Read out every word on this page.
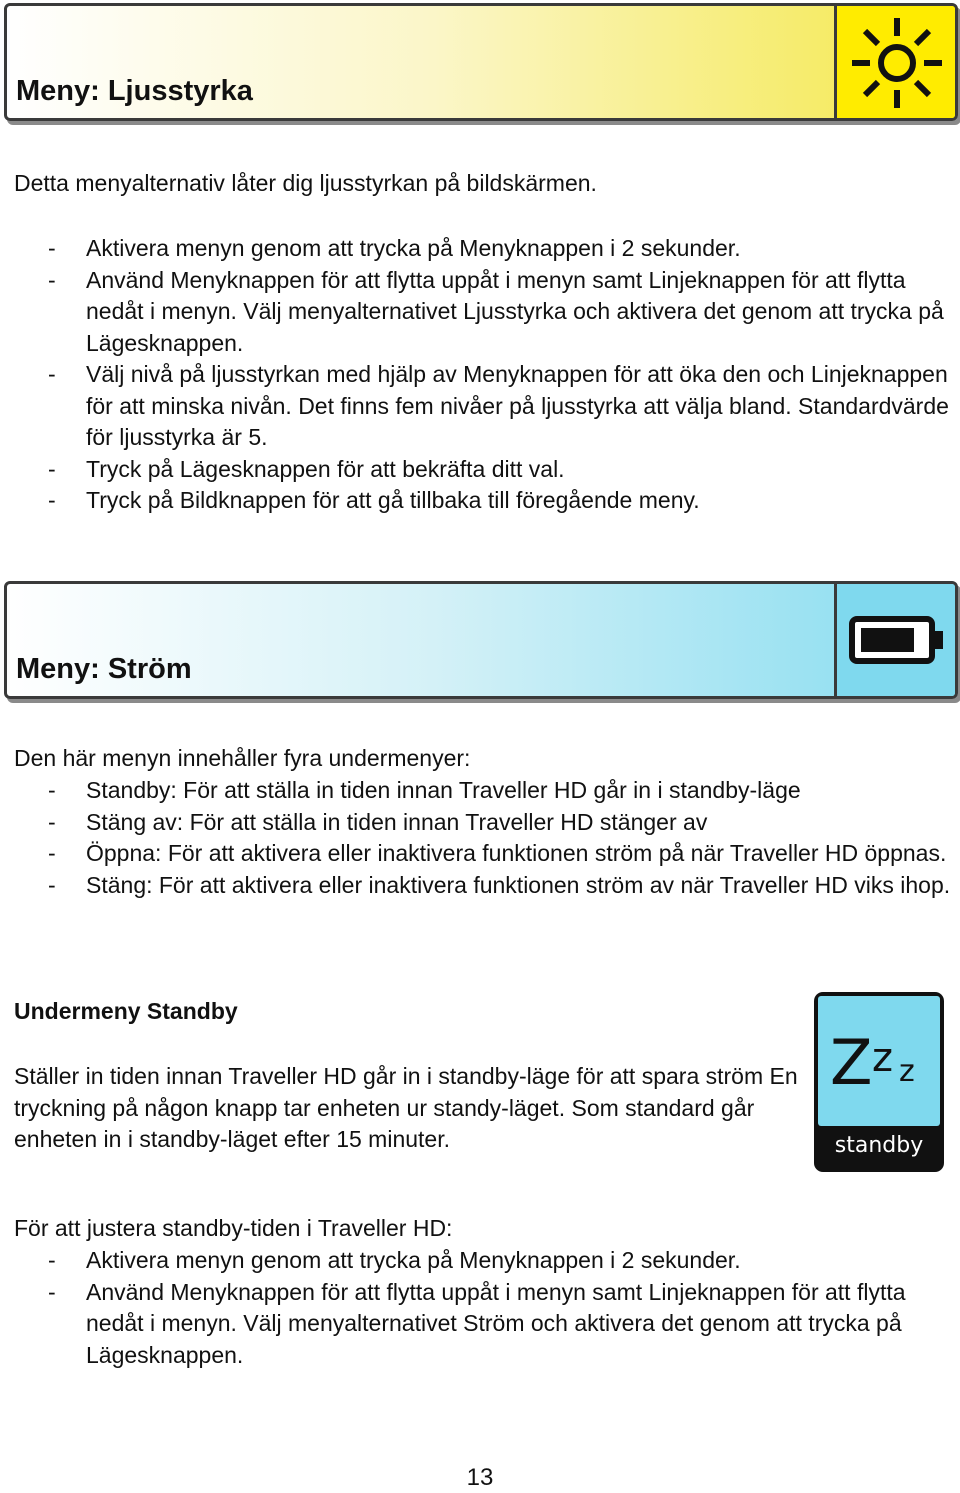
Meny: Ljusstyrka

Detta menyalternativ låter dig ljusstyrkan på bildskärmen.

- Aktivera menyn genom att trycka på Menyknappen i 2 sekunder.
- Använd Menyknappen för att flytta uppåt i menyn samt Linjeknappen för att flytta nedåt i menyn. Välj menyalternativet Ljusstyrka och aktivera det genom att trycka på Lägesknappen.
- Välj nivå på ljusstyrkan med hjälp av Menyknappen för att öka den och Linjeknappen för att minska nivån. Det finns fem nivåer på ljusstyrka att välja bland. Standardvärde för ljusstyrka är 5.
- Tryck på Lägesknappen för att bekräfta ditt val.
- Tryck på Bildknappen för att gå tillbaka till föregående meny.
Meny: Ström

Den här menyn innehåller fyra undermenyer:

- Standby: För att ställa in tiden innan Traveller HD går in i standby-läge
- Stäng av: För att ställa in tiden innan Traveller HD stänger av
- Öppna: För att aktivera eller inaktivera funktionen ström på när Traveller HD öppnas.
- Stäng: För att aktivera eller inaktivera funktionen ström av när Traveller HD viks ihop.
Undermeny Standby

Ställer in tiden innan Traveller HD går in i standby-läge för att spara ström En tryckning på någon knapp tar enheten ur standy-läget. Som standard går enheten in i standby-läget efter 15 minuter.

Z z z
standby

För att justera standby-tiden i Traveller HD:

- Aktivera menyn genom att trycka på Menyknappen i 2 sekunder.
- Använd Menyknappen för att flytta uppåt i menyn samt Linjeknappen för att flytta nedåt i menyn. Välj menyalternativet Ström och aktivera det genom att trycka på Lägesknappen.
13
